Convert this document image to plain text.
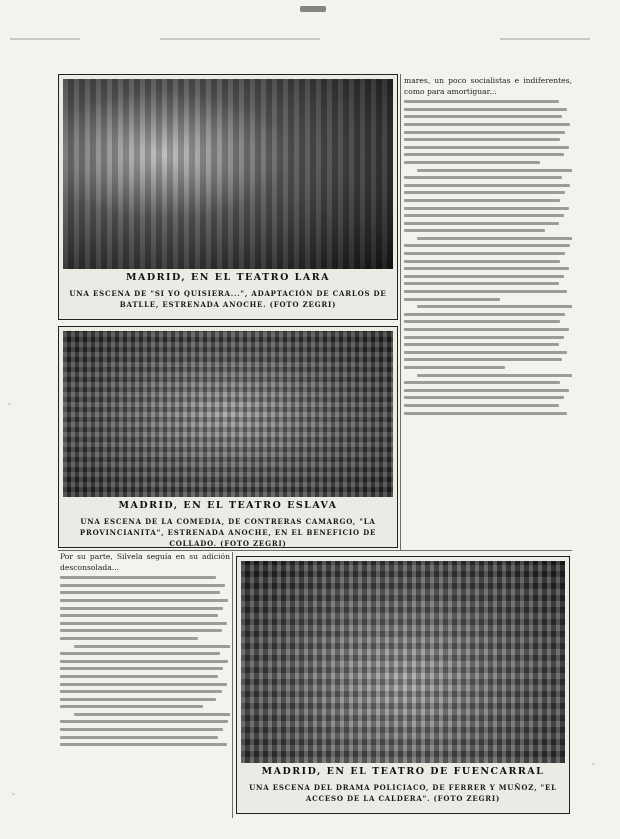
MADRID, EN EL TEATRO LARA
UNA ESCENA DE "SI YO QUISIERA...", ADAPTACIÓN DE CARLOS DE BATLLE, ESTRENADA ANOCHE. (FOTO ZEGRI)
MADRID, EN EL TEATRO ESLAVA
UNA ESCENA DE LA COMEDIA, DE CONTRERAS CAMARGO, "LA PROVINCIANITA", ESTRENADA ANOCHE, EN EL BENEFICIO DE COLLADO. (FOTO ZEGRI)
MADRID, EN EL TEATRO DE FUENCARRAL
UNA ESCENA DEL DRAMA POLICIACO, DE FERRER Y MUÑOZ, "EL ACCESO DE LA CALDERA". (FOTO ZEGRI)
mares, un poco socialistas e indiferentes, como para amortiguar...
Por su parte, Silvela seguía en su adición desconsolada...
·
·
·
